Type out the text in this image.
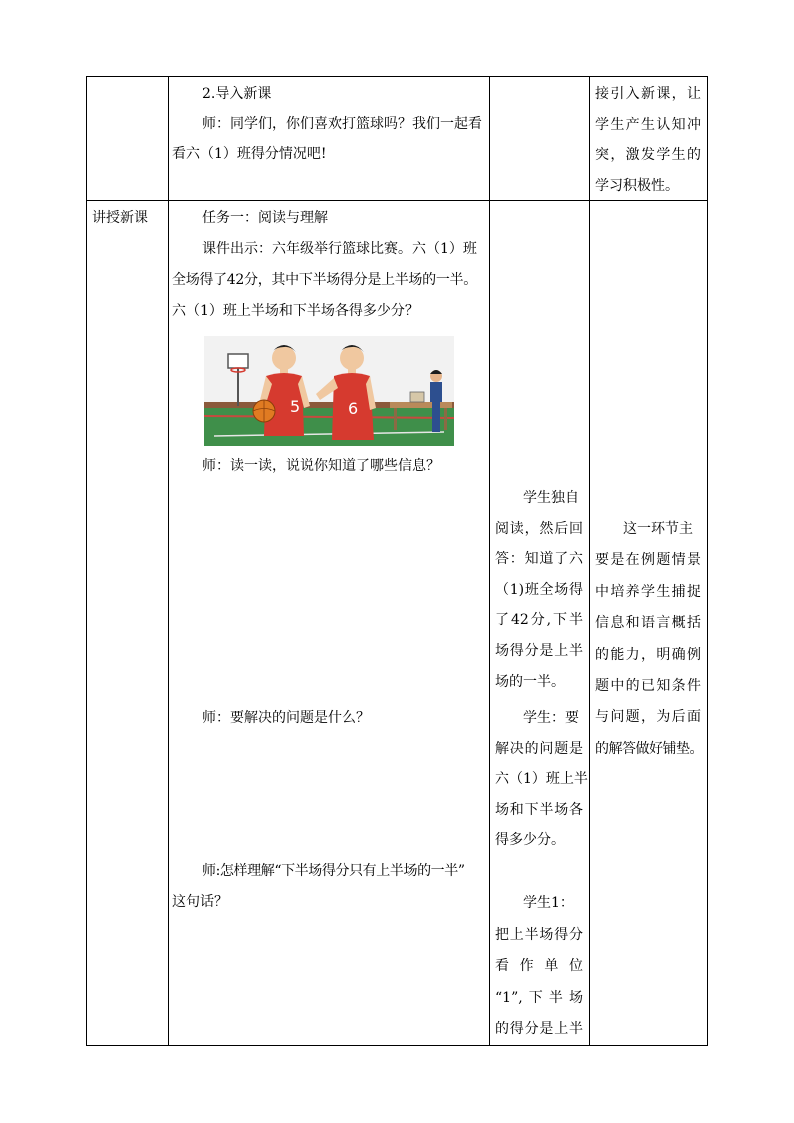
2.导入新课

师：同学们，你们喜欢打篮球吗？我们一起看

看六（1）班得分情况吧!

接引入新课，让

学生产生认知冲

突，激发学生的

学习积极性。

讲授新课	任务一：阅读与理解

课件出示：六年级举行篮球比赛。六（1）班

全场得了42分，其中下半场得分是上半场的一半。

六（1）班上半场和下半场各得多少分？

5	6
师：读一读，说说你知道了哪些信息？
师：要解决的问题是什么？

师:怎样理解“下半场得分只有上半场的一半”

这句话？

学生独自

阅读，然后回

答：知道了六

（1)班全场得

了42分,下半

场得分是上半

场的一半。

学生：要

解决的问题是

六（1）班上半

场和下半场各

得多少分。

学生1：

把上半场得分

看作单位

“1”,下半场

的得分是上半

这一环节主

要是在例题情景

中培养学生捕捉

信息和语言概括

的能力，明确例

题中的已知条件

与问题，为后面

的解答做好铺垫。
